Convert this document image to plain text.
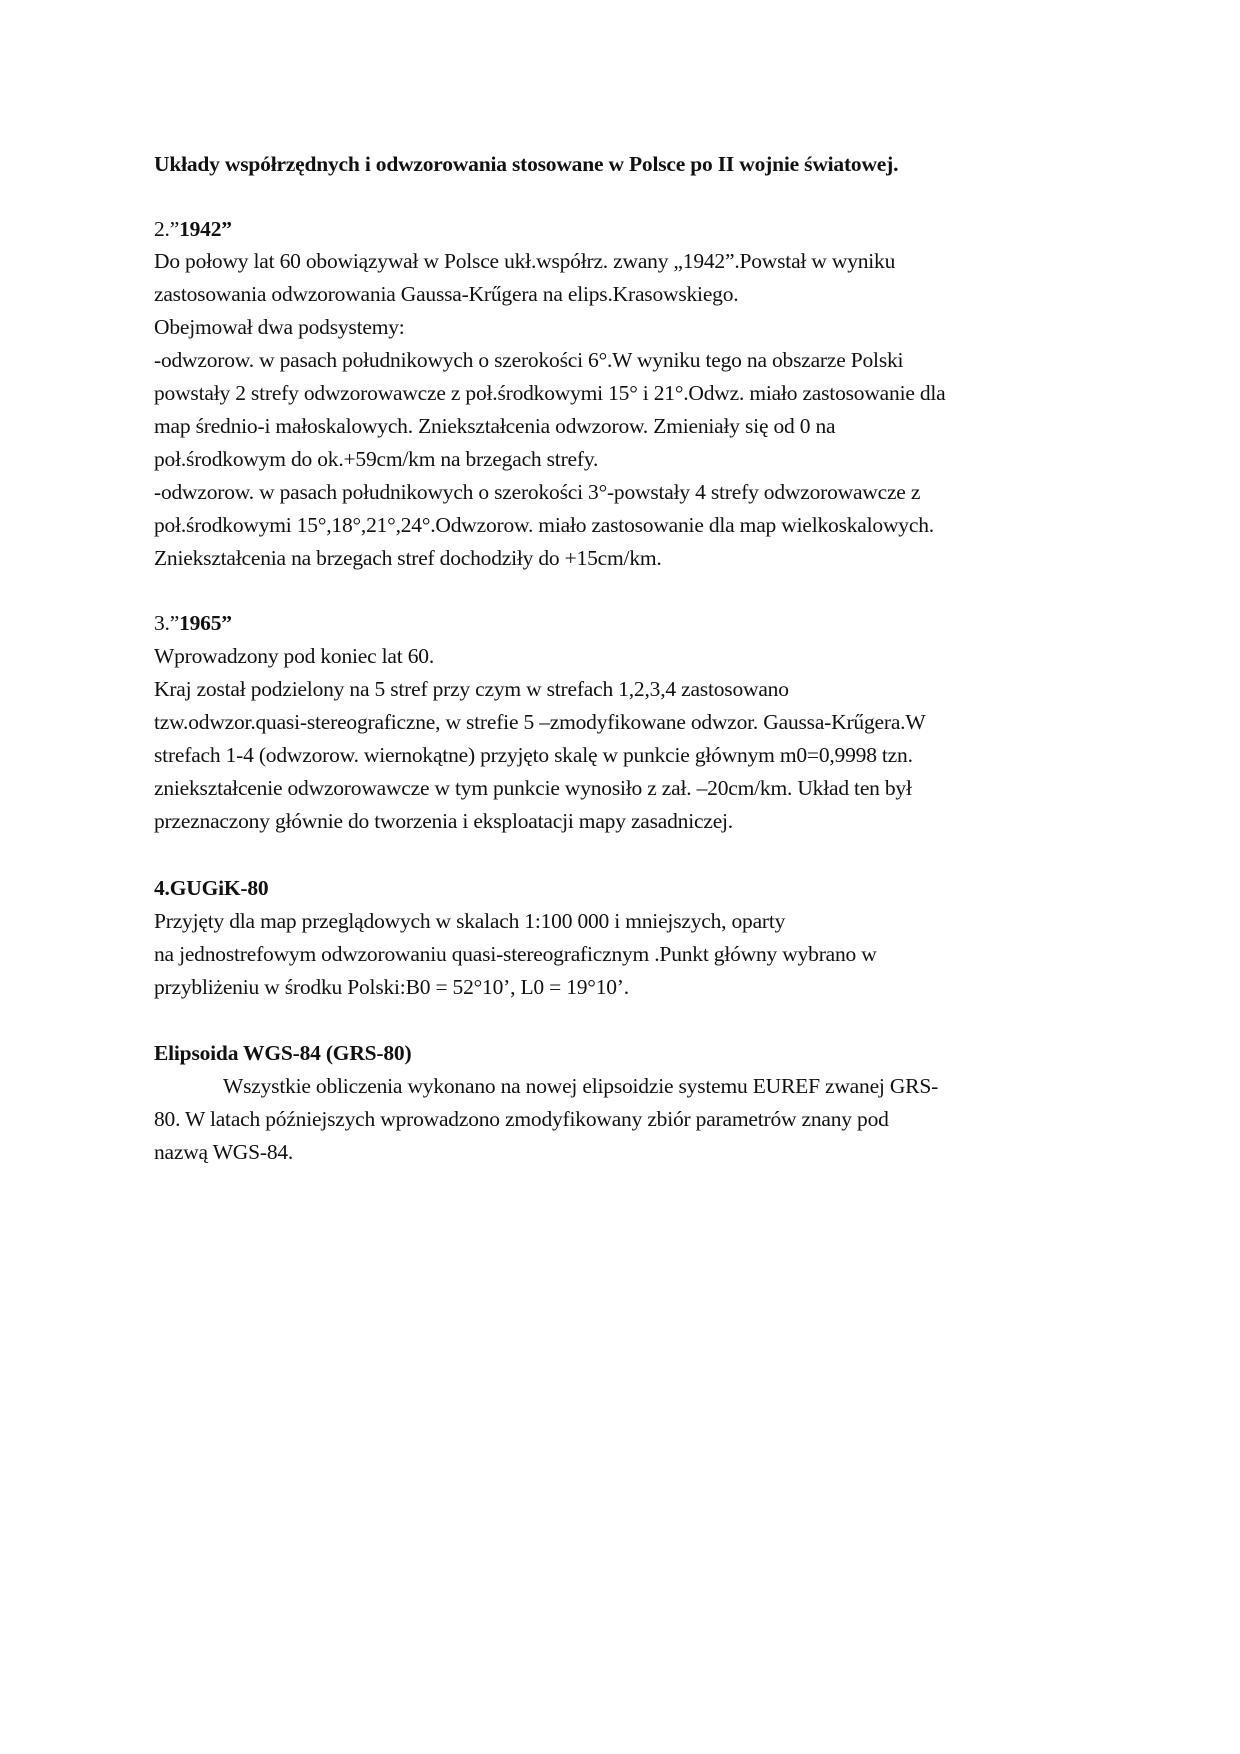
Układy współrzędnych i odwzorowania stosowane w Polsce po II wojnie światowej.
2.”1942”
Do połowy lat 60 obowiązywał w Polsce ukł.współrz. zwany „1942”.Powstał w wyniku
zastosowania odwzorowania Gaussa-Krűgera na elips.Krasowskiego.
Obejmował dwa podsystemy:
-odwzorow. w pasach południkowych o szerokości 6°.W wyniku tego na obszarze Polski
powstały 2 strefy odwzorowawcze z poł.środkowymi 15° i 21°.Odwz. miało zastosowanie dla
map średnio-i małoskalowych. Zniekształcenia odwzorow. Zmieniały się od 0 na
poł.środkowym do ok.+59cm/km na brzegach strefy.
-odwzorow. w pasach południkowych o szerokości 3°-powstały 4 strefy odwzorowawcze z
poł.środkowymi 15°,18°,21°,24°.Odwzorow. miało zastosowanie dla map wielkoskalowych.
Zniekształcenia na brzegach stref dochodziły do +15cm/km.
3.”1965”
Wprowadzony pod koniec lat 60.
Kraj został podzielony na 5 stref przy czym w strefach 1,2,3,4 zastosowano
tzw.odwzor.quasi-stereograficzne, w strefie 5 –zmodyfikowane odwzor. Gaussa-Krűgera.W
strefach 1-4 (odwzorow. wiernokątne) przyjęto skalę w punkcie głównym m0=0,9998 tzn.
zniekształcenie odwzorowawcze w tym punkcie wynosiło z zał. –20cm/km. Układ ten był
przeznaczony głównie do tworzenia i eksploatacji mapy zasadniczej.
4.GUGiK-80
Przyjęty dla map przeglądowych w skalach 1:100 000 i mniejszych, oparty
na jednostrefowym odwzorowaniu quasi-stereograficznym .Punkt główny wybrano w
przybliżeniu w środku Polski:B0 = 52°10’, L0 = 19°10’.
Elipsoida WGS-84 (GRS-80)
Wszystkie obliczenia wykonano na nowej elipsoidzie systemu EUREF zwanej GRS-
80. W latach późniejszych wprowadzono zmodyfikowany zbiór parametrów znany pod
nazwą WGS-84.
